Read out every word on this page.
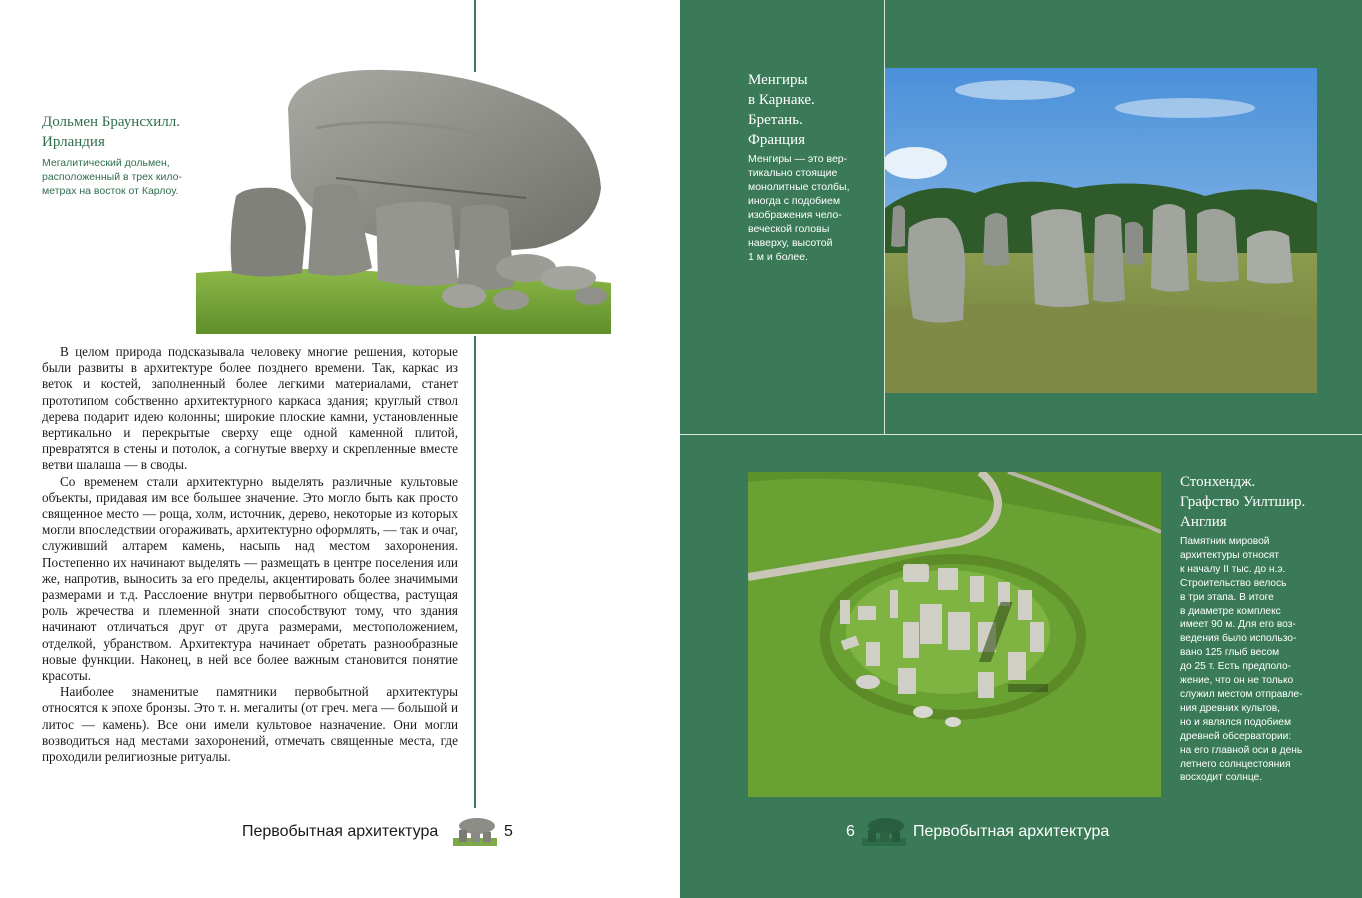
Дольмен Браунсхилл.
Ирландия
Мегалитический дольмен,
расположенный в трех кило-
метрах на восток от Карлоу.

В целом природа подсказывала человеку многие решения, которые были развиты в архитектуре более позднего времени. Так, каркас из веток и костей, заполненный более легкими материалами, станет прототипом собственно архитектурного каркаса здания; круглый ствол дерева подарит идею колонны; широкие плоские камни, установленные вертикально и перекрытые сверху еще одной каменной плитой, превратятся в стены и потолок, а согнутые вверху и скрепленные вместе ветви шалаша — в своды.

Со временем стали архитектурно выделять различные культовые объекты, придавая им все большее значение. Это могло быть как просто священное место — роща, холм, источник, дерево, некоторые из которых могли впоследствии огораживать, архитектурно оформлять, — так и очаг, служивший алтарем камень, насыпь над местом захоронения. Постепенно их начинают выделять — размещать в центре поселения или же, напротив, выносить за его пределы, акцентировать более значимыми размерами и т.д. Расслоение внутри первобытного общества, растущая роль жречества и племенной знати способствуют тому, что здания начинают отличаться друг от друга размерами, местоположением, отделкой, убранством. Архитектура начинает обретать разнообразные новые функции. Наконец, в ней все более важным становится понятие красоты.

Наиболее знаменитые памятники первобытной архитектуры относятся к эпохе бронзы. Это т. н. мегалиты (от греч. мега — большой и литос — камень). Все они имели культовое назначение. Они могли возводиться над местами захоронений, отмечать священные места, где проходили религиозные ритуалы.

Первобытная архитектура	5
Менгиры
в Карнаке.
Бретань.
Франция
Менгиры — это вер-
тикально стоящие
монолитные столбы,
иногда с подобием
изображения чело-
веческой головы
наверху, высотой
1 м и более.
Стонхендж.
Графство Уилтшир.
Англия
Памятник мировой
архитектуры относят
к началу II тыс. до н.э.
Строительство велось
в три этапа. В итоге
в диаметре комплекс
имеет 90 м. Для его воз-
ведения было использо-
вано 125 глыб весом
до 25 т. Есть предполо-
жение, что он не только
служил местом отправле-
ния древних культов,
но и являлся подобием
древней обсерватории:
на его главной оси в день
летнего солнцестояния
восходит солнце.
6	Первобытная архитектура
